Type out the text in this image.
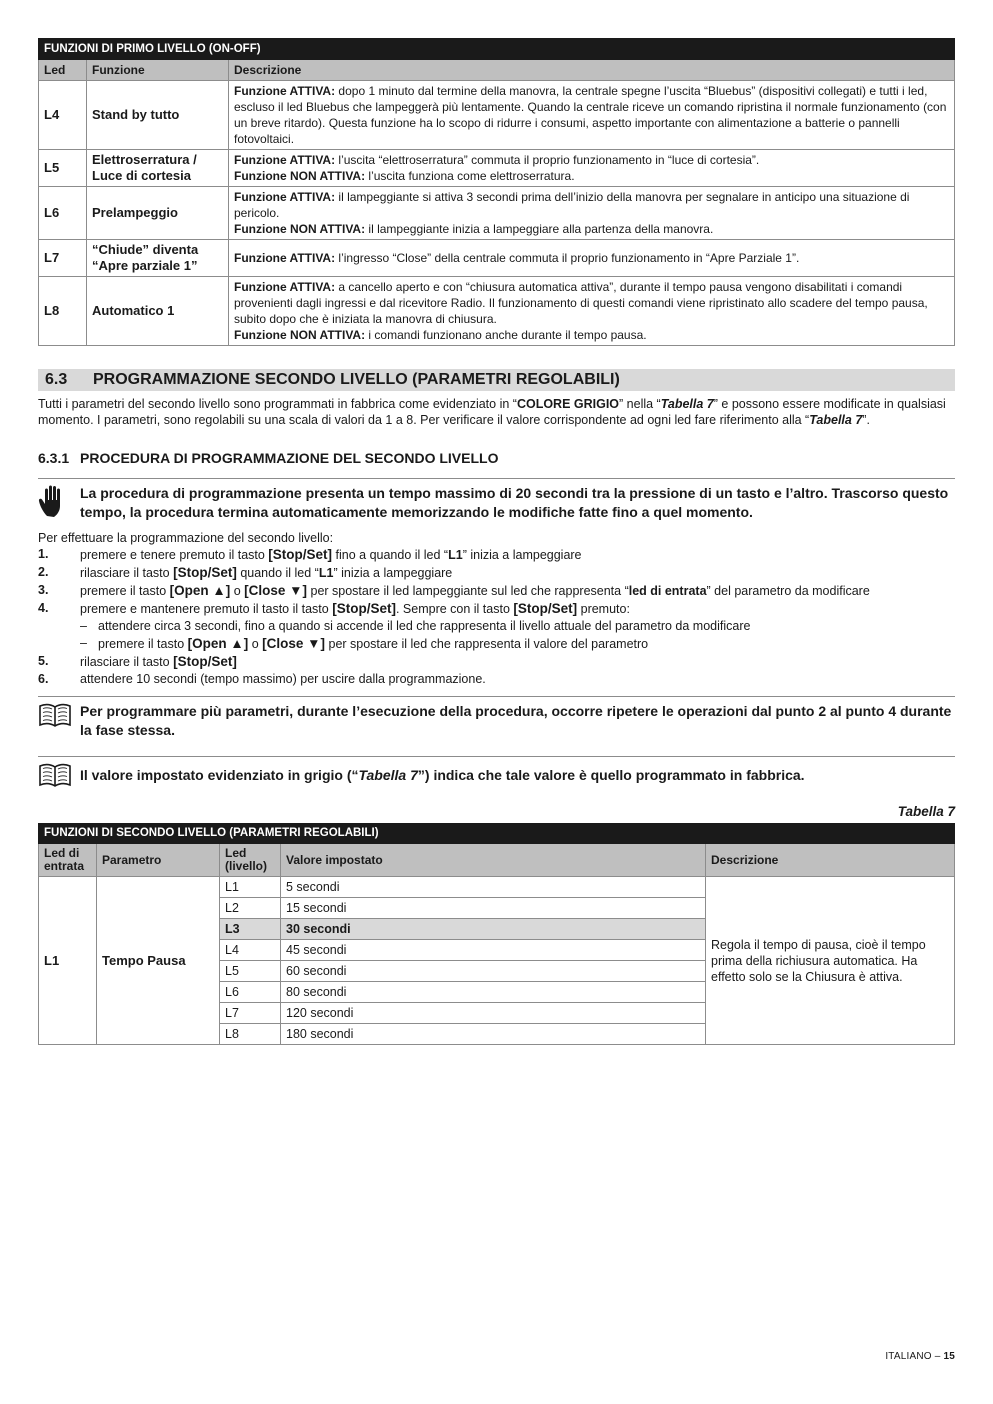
FUNZIONI DI PRIMO LIVELLO (ON-OFF)		
Led	Funzione	Descrizione
L4	Stand by tutto	Funzione ATTIVA: dopo 1 minuto dal termine della manovra, la centrale spegne l’uscita “Bluebus” (dispositivi collegati) e tutti i led, escluso il led Bluebus che lampeggerà più lentamente. Quando la centrale riceve un comando ripristina il normale funzionamento (con un breve ritardo). Questa funzione ha lo scopo di ridurre i consumi, aspetto importante con alimentazione a batterie o pannelli fotovoltaici.
L5	Elettroserratura / Luce di cortesia	Funzione ATTIVA: l’uscita “elettroserratura” commuta il proprio funzionamento in “luce di cortesia”.
Funzione NON ATTIVA: l’uscita funziona come elettroserratura.

L6	Prelampeggio	Funzione ATTIVA: il lampeggiante si attiva 3 secondi prima dell’inizio della manovra per segnalare in anticipo una situazione di pericolo.
Funzione NON ATTIVA: il lampeggiante inizia a lampeggiare alla partenza della manovra.

L7	“Chiude” diventa “Apre parziale 1”	Funzione ATTIVA: l’ingresso “Close” della centrale commuta il proprio funzionamento in “Apre Parziale 1”.
L8	Automatico 1	Funzione ATTIVA: a cancello aperto e con “chiusura automatica attiva”, durante il tempo pausa vengono disabilitati i comandi provenienti dagli ingressi e dal ricevitore Radio. Il funzionamento di questi comandi viene ripristinato allo scadere del tempo pausa, subito dopo che è iniziata la manovra di chiusura.
Funzione NON ATTIVA: i comandi funzionano anche durante il tempo pausa.
6.3 PROGRAMMAZIONE SECONDO LIVELLO (PARAMETRI REGOLABILI)
Tutti i parametri del secondo livello sono programmati in fabbrica come evidenziato in “COLORE GRIGIO” nella “Tabella 7” e possono essere modificate in qualsiasi momento. I parametri, sono regolabili su una scala di valori da 1 a 8. Per verificare il valore corrispondente ad ogni led fare riferimento alla “Tabella 7”.
6.3.1 PROCEDURA DI PROGRAMMAZIONE DEL SECONDO LIVELLO
La procedura di programmazione presenta un tempo massimo di 20 secondi tra la pressione di un tasto e l’altro. Trascorso questo tempo, la procedura termina automaticamente memorizzando le modifiche fatte fino a quel momento.
Per effettuare la programmazione del secondo livello:
1.	premere e tenere premuto il tasto [Stop/Set] fino a quando il led “L1” inizia a lampeggiare
2.	rilasciare il tasto [Stop/Set] quando il led “L1” inizia a lampeggiare
3.	premere il tasto [Open ▲] o [Close ▼] per spostare il led lampeggiante sul led che rappresenta “led di entrata” del parametro da modificare
4.	premere e mantenere premuto il tasto il tasto [Stop/Set]. Sempre con il tasto [Stop/Set] premuto:
– attendere circa 3 secondi, fino a quando si accende il led che rappresenta il livello attuale del parametro da modificare
– premere il tasto [Open ▲] o [Close ▼] per spostare il led che rappresenta il valore del parametro
5.	rilasciare il tasto [Stop/Set]
6.	attendere 10 secondi (tempo massimo) per uscire dalla programmazione.
Per programmare più parametri, durante l’esecuzione della procedura, occorre ripetere le operazioni dal punto 2 al punto 4 durante la fase stessa.
Il valore impostato evidenziato in grigio (“Tabella 7”) indica che tale valore è quello programmato in fabbrica.
Tabella 7
FUNZIONI DI SECONDO LIVELLO (PARAMETRI REGOLABILI)				
Led di entrata	Parametro	Led (livello)	Valore impostato	Descrizione
L1	Tempo Pausa	L1	5 secondi	Regola il tempo di pausa, cioè il tempo prima della richiusura automatica. Ha effetto solo se la Chiusura è attiva.
		L2	15 secondi	
		L3	30 secondi	
		L4	45 secondi	
		L5	60 secondi	
		L6	80 secondi	
		L7	120 secondi	
		L8	180 secondi	
ITALIANO – 15
